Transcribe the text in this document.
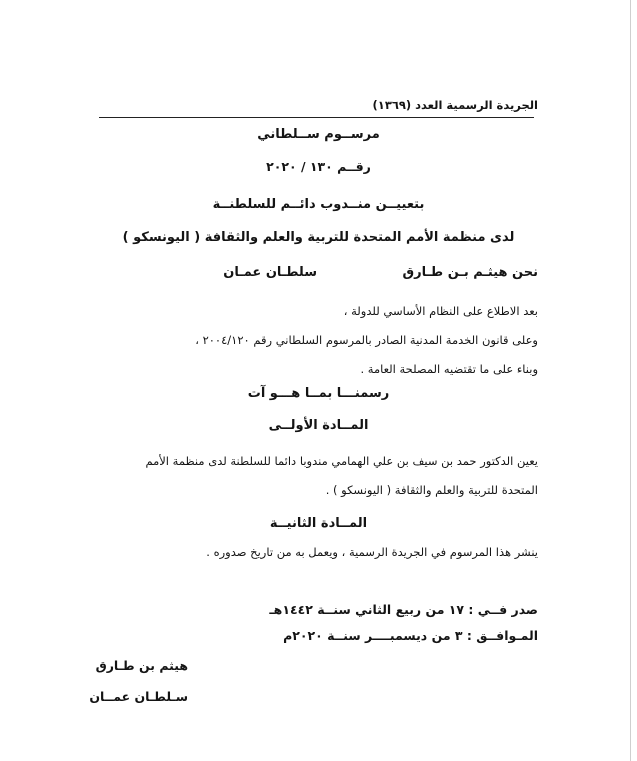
الجريدة الرسمية العدد (١٣٦٩)
مرســوم ســلطاني
رقــم ١٣٠ / ٢٠٢٠
بتعييــن منــدوب دائــم للسلطنــة
لدى منظمة الأمم المتحدة للتربية والعلم والثقافة ( اليونسكو )
نحن هيثـم بـن طـارق
سلطـان عمـان
بعد الاطلاع على النظام الأساسي للدولة ،
وعلى قانون الخدمة المدنية الصادر بالمرسوم السلطاني رقم ٢٠٠٤/١٢٠ ،
وبناء على ما تقتضيه المصلحة العامة .
رسمنـــا بمــا هـــو آت
المــادة الأولــى
يعين الدكتور حمد بن سيف بن علي الهمامي مندوبا دائما للسلطنة لدى منظمة الأمم
المتحدة للتربية والعلم والثقافة ( اليونسكو ) .
المــادة الثانيــة
ينشر هذا المرسوم في الجريدة الرسمية ، ويعمل به من تاريخ صدوره .
صدر فــي : ١٧ من ربيع الثاني سنــة ١٤٤٢هـ
المـوافــق : ٣ من ديسمبــــر سنــة ٢٠٢٠م
هيثم بن طـارق
سـلطـان عمــان
